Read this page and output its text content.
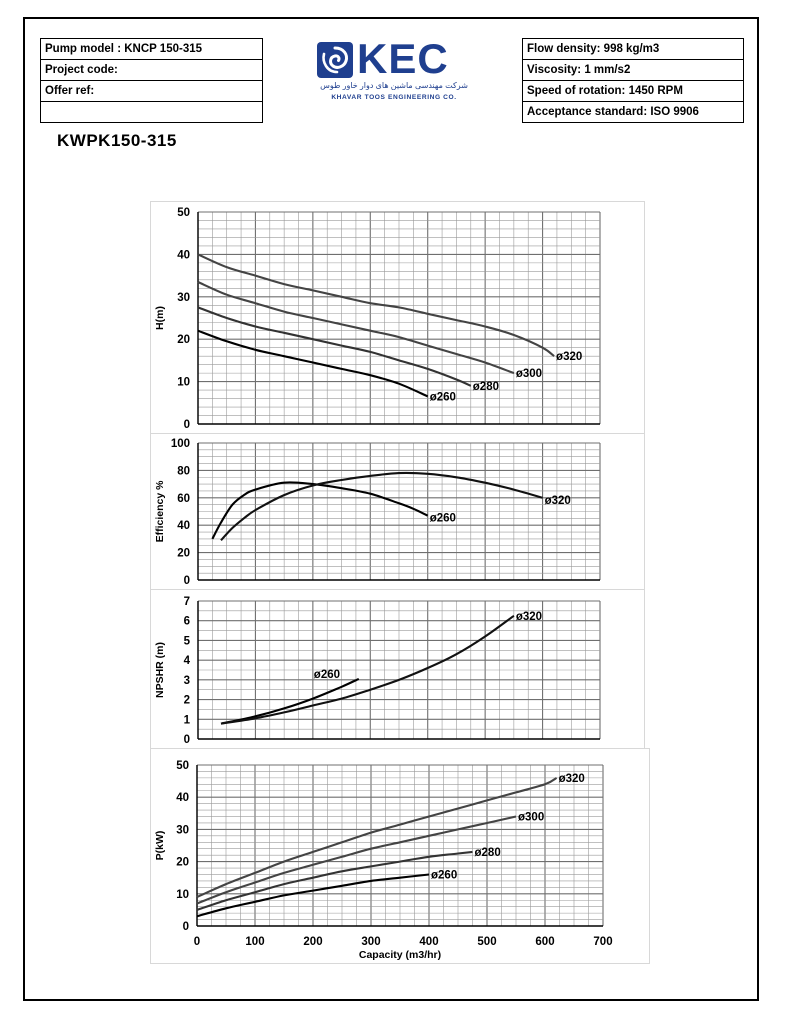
Pump model : KNCP 150-315
Project code:
Offer ref:

KEC
شرکت مهندسی ماشین های دوار خاور طوس
KHAVAR TOOS ENGINEERING CO.
Flow density: 998 kg/m3
Viscosity: 1 mm/s2
Speed of rotation: 1450 RPM
Acceptance standard: ISO 9906
KWPK150-315
0
10
20
30
40
50
H(m)
ø260
ø280
ø300
ø320
0
20
40
60
80
100
Efficiency %	ø260
ø320
0
1
2
3
4
5
6
7
NPSHR (m)	ø260
ø320
0
10
20
30
40
50
0	100	200	300	400	500	600	700
P(kW)
Capacity (m3/hr)
ø260
ø280
ø300
ø320
